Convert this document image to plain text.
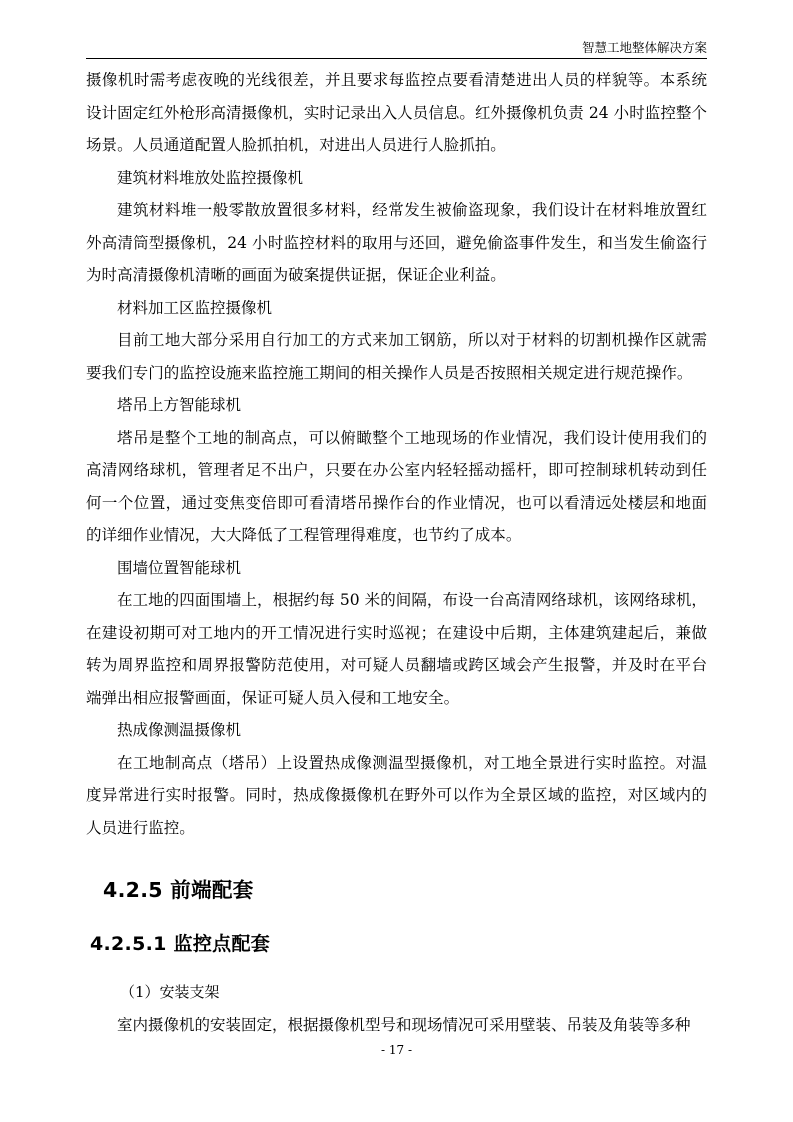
智慧工地整体解决方案

摄像机时需考虑夜晚的光线很差，并且要求每监控点要看清楚进出人员的样貌等。本系统设计固定红外枪形高清摄像机，实时记录出入人员信息。红外摄像机负责 24 小时监控整个场景。人员通道配置人脸抓拍机，对进出人员进行人脸抓拍。

建筑材料堆放处监控摄像机

建筑材料堆一般零散放置很多材料，经常发生被偷盗现象，我们设计在材料堆放置红外高清筒型摄像机，24 小时监控材料的取用与还回，避免偷盗事件发生，和当发生偷盗行为时高清摄像机清晰的画面为破案提供证据，保证企业利益。

材料加工区监控摄像机

目前工地大部分采用自行加工的方式来加工钢筋，所以对于材料的切割机操作区就需要我们专门的监控设施来监控施工期间的相关操作人员是否按照相关规定进行规范操作。

塔吊上方智能球机

塔吊是整个工地的制高点，可以俯瞰整个工地现场的作业情况，我们设计使用我们的高清网络球机，管理者足不出户，只要在办公室内轻轻摇动摇杆，即可控制球机转动到任何一个位置，通过变焦变倍即可看清塔吊操作台的作业情况，也可以看清远处楼层和地面的详细作业情况，大大降低了工程管理得难度，也节约了成本。

围墙位置智能球机

在工地的四面围墙上，根据约每 50 米的间隔，布设一台高清网络球机，该网络球机，在建设初期可对工地内的开工情况进行实时巡视；在建设中后期，主体建筑建起后，兼做转为周界监控和周界报警防范使用，对可疑人员翻墙或跨区域会产生报警，并及时在平台端弹出相应报警画面，保证可疑人员入侵和工地安全。

热成像测温摄像机

在工地制高点（塔吊）上设置热成像测温型摄像机，对工地全景进行实时监控。对温度异常进行实时报警。同时，热成像摄像机在野外可以作为全景区域的监控，对区域内的人员进行监控。

4.2.5 前端配套
4.2.5.1 监控点配套

（1）安装支架

室内摄像机的安装固定，根据摄像机型号和现场情况可采用壁装、吊装及角装等多种

- 17 -
